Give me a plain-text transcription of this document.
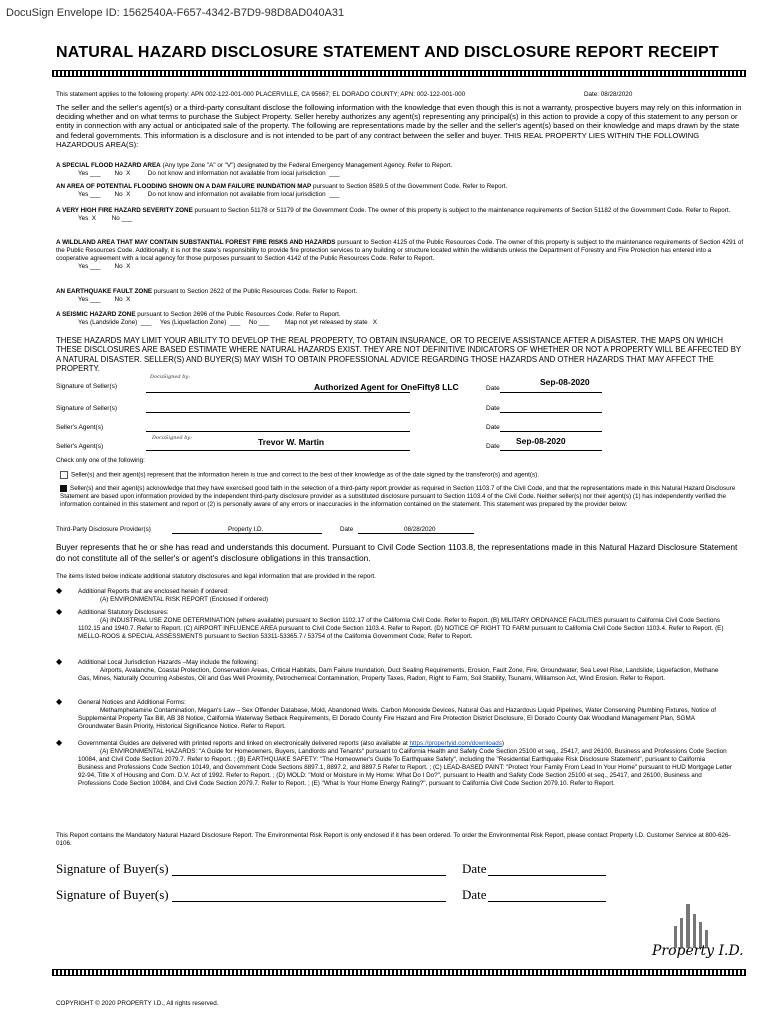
DocuSign Envelope ID: 1562540A-F657-4342-B7D9-98D8AD040A31
NATURAL HAZARD DISCLOSURE STATEMENT AND DISCLOSURE REPORT RECEIPT
This statement applies to the following property: APN 002-122-001-000 PLACERVILLE, CA 95667; EL DORADO COUNTY; APN: 002-122-001-000	Date: 08/28/2020
The seller and the seller's agent(s) or a third-party consultant disclose the following information with the knowledge that even though this is not a warranty, prospective buyers may rely on this information in deciding whether and on what terms to purchase the Subject Property. Seller hereby authorizes any agent(s) representing any principal(s) in this action to provide a copy of this statement to any person or entity in connection with any actual or anticipated sale of the property. The following are representations made by the seller and the seller's agent(s) based on their knowledge and maps drawn by the state and federal governments. This information is a disclosure and is not intended to be part of any contract between the seller and buyer. THIS REAL PROPERTY LIES WITHIN THE FOLLOWING HAZARDOUS AREA(S):
A SPECIAL FLOOD HAZARD AREA (Any type Zone "A" or "V") designated by the Federal Emergency Management Agency. Refer to Report.
Yes ___        No  X          Do not know and information not available from local jurisdiction  ___
AN AREA OF POTENTIAL FLOODING SHOWN ON A DAM FAILURE INUNDATION MAP pursuant to Section 8589.5 of the Government Code. Refer to Report.
Yes ___        No  X          Do not know and information not available from local jurisdiction  ___
A VERY HIGH FIRE HAZARD SEVERITY ZONE pursuant to Section 51178 or 51179 of the Government Code. The owner of this property is subject to the maintenance requirements of Section 51182 of the Government Code. Refer to Report.
Yes  X         No ___
A WILDLAND AREA THAT MAY CONTAIN SUBSTANTIAL FOREST FIRE RISKS AND HAZARDS pursuant to Section 4125 of the Public Resources Code. The owner of this property is subject to the maintenance requirements of Section 4291 of the Public Resources Code. Additionally, it is not the state's responsibility to provide fire protection services to any building or structure located within the wildlands unless the Department of Forestry and Fire Protection has entered into a cooperative agreement with a local agency for those purposes pursuant to Section 4142 of the Public Resources Code. Refer to Report.
Yes ___        No  X
AN EARTHQUAKE FAULT ZONE pursuant to Section 2622 of the Public Resources Code. Refer to Report.
Yes ___        No  X
A SEISMIC HAZARD ZONE pursuant to Section 2696 of the Public Resources Code. Refer to Report.
Yes (Landslide Zone)  ___     Yes (Liquefaction Zone)  ___     No ___         Map not yet released by state   X
THESE HAZARDS MAY LIMIT YOUR ABILITY TO DEVELOP THE REAL PROPERTY, TO OBTAIN INSURANCE, OR TO RECEIVE ASSISTANCE AFTER A DISASTER. THE MAPS ON WHICH THESE DISCLOSURES ARE BASED ESTIMATE WHERE NATURAL HAZARDS EXIST. THEY ARE NOT DEFINITIVE INDICATORS OF WHETHER OR NOT A PROPERTY WILL BE AFFECTED BY A NATURAL DISASTER. SELLER(S) AND BUYER(S) MAY WISH TO OBTAIN PROFESSIONAL ADVICE REGARDING THOSE HAZARDS AND OTHER HAZARDS THAT MAY AFFECT THE PROPERTY.
Signature of Seller(s)
DocuSigned by:
Authorized Agent for OneFifty8 LLC	Date
Sep-08-2020
Signature of Seller(s)	Date
Seller's Agent(s)	Date
Seller's Agent(s)
DocuSigned by:	Trevor W. Martin	Date
Sep-08-2020
Check only one of the following:
Seller(s) and their agent(s) represent that the information herein is true and correct to the best of their knowledge as of the date signed by the transferor(s) and agent(s).
Seller(s) and their agent(s) acknowledge that they have exercised good faith in the selection of a third-party report provider as required in Section 1103.7 of the Civil Code, and that the representations made in this Natural Hazard Disclosure Statement are based upon information provided by the independent third-party disclosure provider as a substituted disclosure pursuant to Section 1103.4 of the Civil Code. Neither seller(s) nor their agent(s) (1) has independently verified the information contained in this statement and report or (2) is personally aware of any errors or inaccuracies in the information contained on the statement. This statement was prepared by the provider below:
Third-Party Disclosure Provider(s)	Property I.D.	Date	08/28/2020
Buyer represents that he or she has read and understands this document. Pursuant to Civil Code Section 1103.8, the representations made in this Natural Hazard Disclosure Statement do not constitute all of the seller's or agent's disclosure obligations in this transaction.
The items listed below indicate additional statutory disclosures and legal information that are provided in the report.
◆	Additional Reports that are enclosed herein if ordered:
(A) ENVIRONMENTAL RISK REPORT (Enclosed if ordered)
◆	Additional Statutory Disclosures:
(A) INDUSTRIAL USE ZONE DETERMINATION (where available) pursuant to Section 1102.17 of the California Civil Code. Refer to Report. (B) MILITARY ORDNANCE FACILITIES pursuant to California Civil Code Sections 1102.15 and 1940.7. Refer to Report. (C) AIRPORT INFLUENCE AREA pursuant to Civil Code Section 1103.4. Refer to Report. (D) NOTICE OF RIGHT TO FARM pursuant to California Civil Code Section 1103.4. Refer to Report. (E) MELLO-ROOS & SPECIAL ASSESSMENTS pursuant to Section 53311-53365.7 / 53754 of the California Government Code; Refer to Report.
◆	Additional Local Jurisdiction Hazards –May include the following:
Airports, Avalanche, Coastal Protection, Conservation Areas, Critical Habitats, Dam Failure Inundation, Duct Sealing Requirements, Erosion, Fault Zone, Fire, Groundwater, Sea Level Rise, Landslide, Liquefaction, Methane Gas, Mines, Naturally Occurring Asbestos, Oil and Gas Well Proximity, Petrochemical Contamination, Property Taxes, Radon, Right to Farm, Soil Stability, Tsunami, Williamson Act, Wind Erosion. Refer to Report.
◆	General Notices and Additional Forms:
Methamphetamine Contamination, Megan's Law – Sex Offender Database, Mold, Abandoned Wells. Carbon Monoxide Devices, Natural Gas and Hazardous Liquid Pipelines, Water Conserving Plumbing Fixtures, Notice of Supplemental Property Tax Bill, AB 38 Notice, California Waterway Setback Requirements, El Dorado County Fire Hazard and Fire Protection District Disclosure, El Dorado County Oak Woodland Management Plan, SGMA Groundwater Basin Priority, Historical Significance Notice. Refer to Report.
◆	Governmental Guides are delivered with printed reports and linked on electronically delivered reports (also available at https://propertyid.com/downloads)
(A) ENVIRONMENTAL HAZARDS: "A Guide for Homeowners, Buyers, Landlords and Tenants" pursuant to California Health and Safety Code Section 25100 et seq., 25417, and 26100, Business and Professions Code Section 10084, and Civil Code Section 2079.7. Refer to Report. ; (B) EARTHQUAKE SAFETY: "The Homeowner's Guide To Earthquake Safety", including the "Residential Earthquake Risk Disclosure Statement", pursuant to California Business and Professions Code Section 10149, and Government Code Sections 8897.1, 8897.2, and 8897.5 Refer to Report. ; (C) LEAD-BASED PAINT: "Protect Your Family From Lead In Your Home" pursuant to HUD Mortgage Letter 92-94, Title X of Housing and Com. D.V. Act of 1992. Refer to Report. ; (D) MOLD: "Mold or Moisture in My Home: What Do I Do?", pursuant to Health and Safety Code Section 25100 et seq., 25417, and 26100, Business and Professions Code Section 10084, and Civil Code Section 2079.7. Refer to Report. ; (E) "What Is Your Home Energy Rating?", pursuant to California Civil Code Section 2079.10. Refer to Report.
This Report contains the Mandatory Natural Hazard Disclosure Report. The Environmental Risk Report is only enclosed if it has been ordered. To order the Environmental Risk Report, please contact Property I.D. Customer Service at 800-626-0106.
Signature of Buyer(s)	Date
Signature of Buyer(s)	Date
Property I.D.
COPYRIGHT © 2020 PROPERTY I.D., All rights reserved.
